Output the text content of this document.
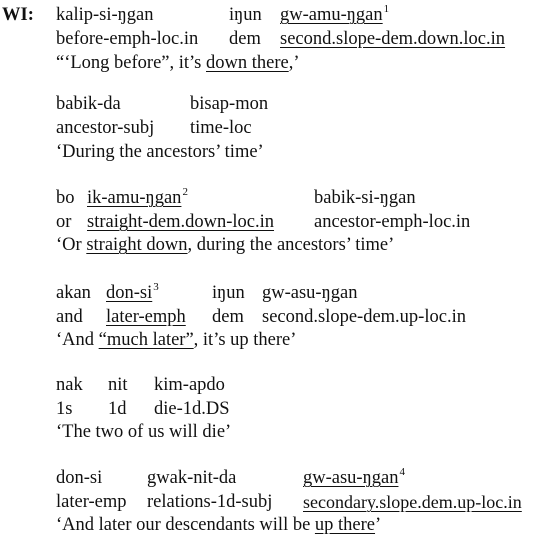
WI: kalip-si-ŋgan
before-emph-loc.in
iŋun
dem
gw-amu-ŋgan$^1$
second.slope-dem.down.loc.in
“‘Long before”, it’s down there,’
babik-da
ancestor-subj
bisap-mon
time-loc
‘During the ancestors’ time’
bo
or
ik-amu-ŋgan$^2$
straight-dem.down-loc.in
babik-si-ŋgan
ancestor-emph-loc.in
‘Or straight down, during the ancestors’ time’
akan
and
don-$si^3$
later-emph
iŋun
dem
gw-asu-ŋgan
second.slope-dem.up-loc.in
‘And “much later”, it’s up there’
nak
1s
nit
1d
kim-apdo
die-1d.DS
‘The two of us will die’
don-si
later-emp
gwak-nit-da
relations-1d-subj
gw-asu-ŋgan$^4$
secondary.slope.dem.up-loc.in
‘And later our descendants will be up there’
